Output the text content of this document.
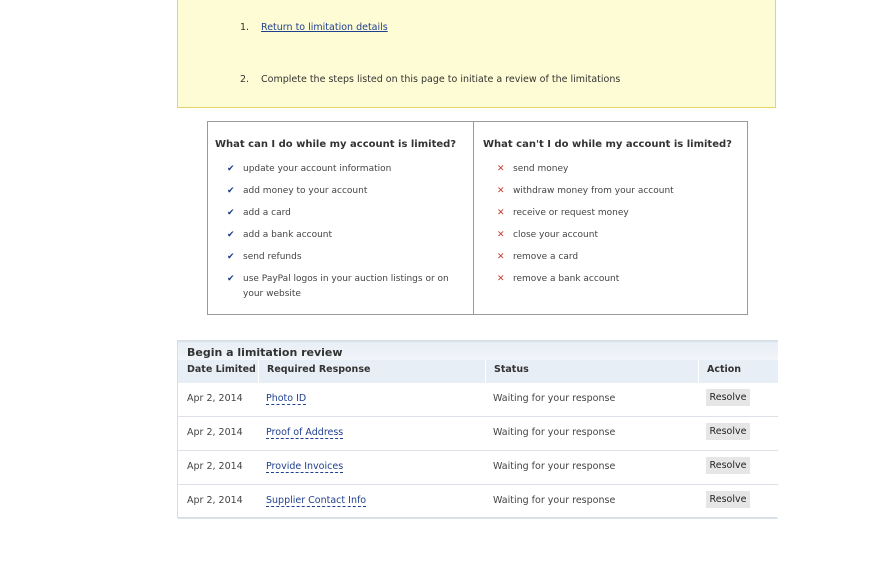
1. Return to limitation details
2. Complete the steps listed on this page to initiate a review of the limitations
What can I do while my account is limited?
✔ update your account information
✔ add money to your account
✔ add a card
✔ add a bank account
✔ send refunds
✔ use PayPal logos in your auction listings or on your website
What can't I do while my account is limited?
✕ send money
✕ withdraw money from your account
✕ receive or request money
✕ close your account
✕ remove a card
✕ remove a bank account
Begin a limitation review
Date Limited Required Response	Status	Action
Apr 2, 2014 Photo ID	Waiting for your response	Resolve
Apr 2, 2014 Proof of Address	Waiting for your response	Resolve
Apr 2, 2014 Provide Invoices	Waiting for your response	Resolve
Apr 2, 2014 Supplier Contact Info	Waiting for your response	Resolve
